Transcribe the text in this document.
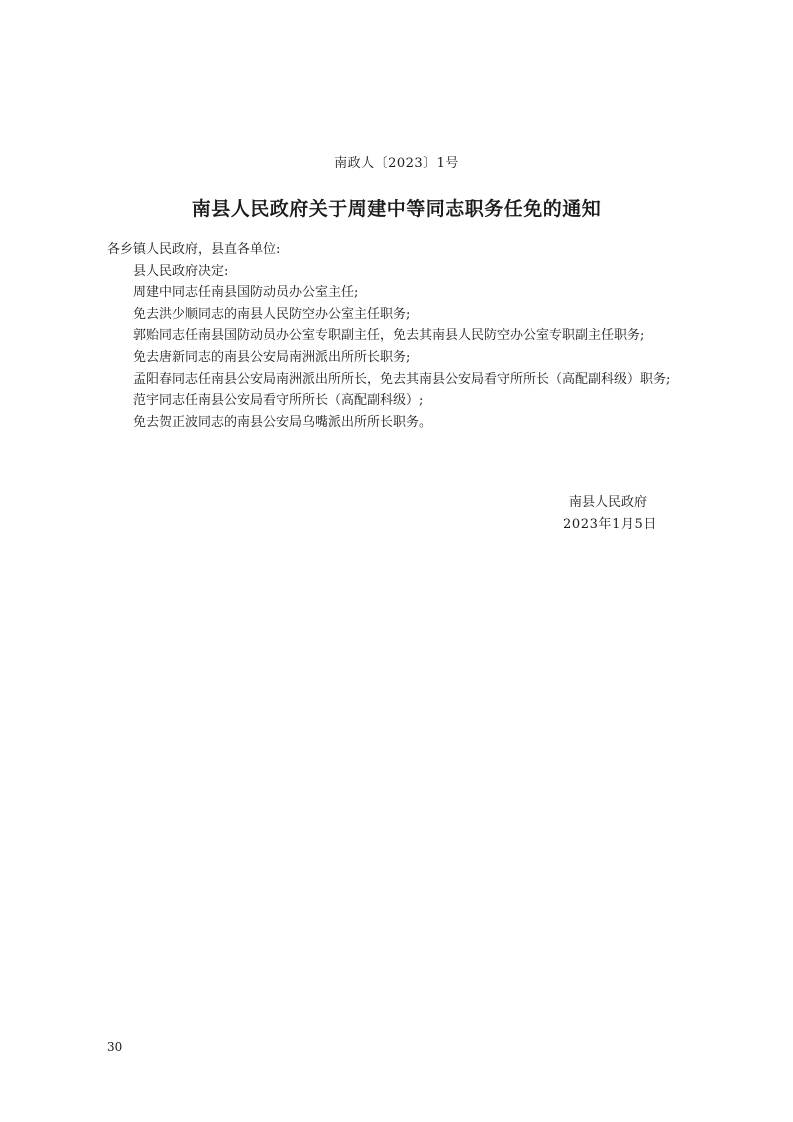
南政人〔2023〕1号
南县人民政府关于周建中等同志职务任免的通知

各乡镇人民政府，县直各单位:

县人民政府决定:

周建中同志任南县国防动员办公室主任;

免去洪少顺同志的南县人民防空办公室主任职务;

郭贻同志任南县国防动员办公室专职副主任，免去其南县人民防空办公室专职副主任职务;

免去唐新同志的南县公安局南洲派出所所长职务;

孟阳春同志任南县公安局南洲派出所所长，免去其南县公安局看守所所长（高配副科级）职务;

范宇同志任南县公安局看守所所长（高配副科级）;

免去贺正波同志的南县公安局乌嘴派出所所长职务。

南县人民政府
2023年1月5日
30
